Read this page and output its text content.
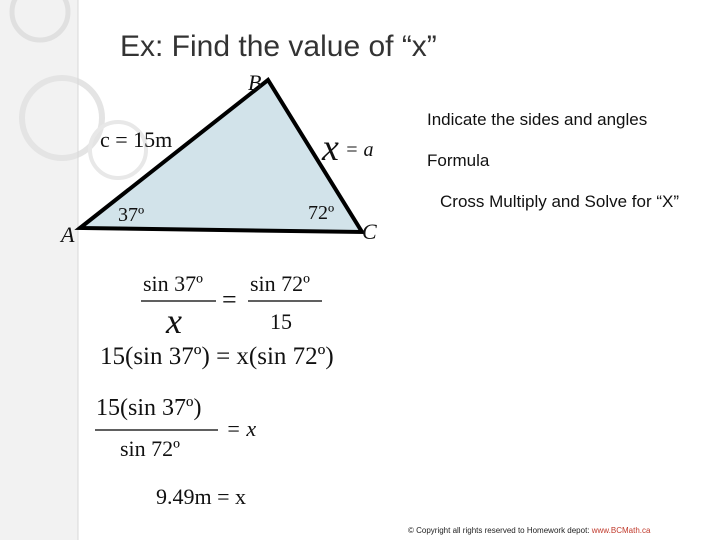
Ex: Find the value of “x”
Indicate the sides and angles
Formula
Cross Multiply and Solve for “X”
B
A	C
c = 15m	x = a
37º	72º
sin 37º
x
=
sin 72º
15
15(sin 37º) = x(sin 72º)
15(sin 37º)
sin 72º
= x
9.49m = x
© Copyright all rights reserved to Homework depot: www.BCMath.ca
